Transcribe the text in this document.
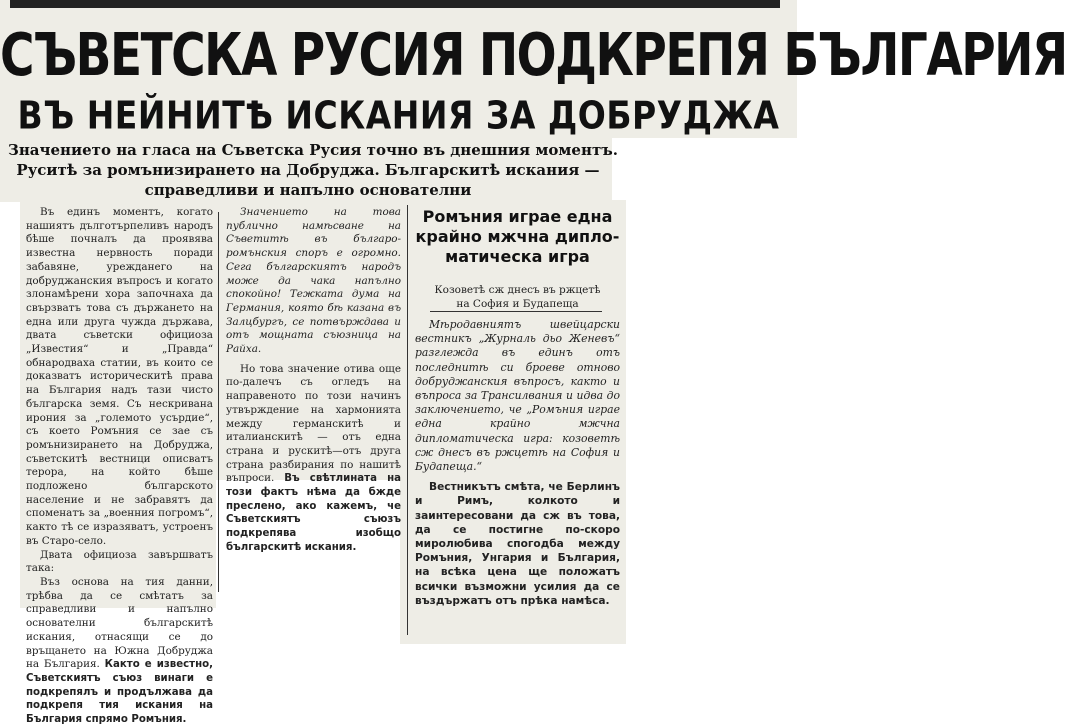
СЪВЕТСКА РУСИЯ ПОДКРЕПЯ БЪЛГАРИЯ
ВЪ НЕЙНИТѢ ИСКАНИЯ ЗА ДОБРУДЖА
Значението на гласа на Съветска Русия точно въ днешния моментъ.
Руситѣ за ромънизирането на Добруджа. Българскитѣ искания —
справедливи и напълно основателни

Въ единъ моментъ, когато нашиятъ дълготърпеливъ народъ бѣше почналъ да проявява известна нервность поради забавяне, урежданего на добруджанския въпросъ и когато злонамѣрени хора започнаха да свързватъ това съ държането на една или друга чужда държава, двата съветски официоза „Известия“ и „Правда“ обнародваха статии, въ които се доказватъ историческитѣ права на България надъ тази чисто българска земя. Съ нескривана ирония за „големото усърдие“, съ което Ромъния се зае съ ромънизирането на Добруджа, съветскитѣ вестници описватъ терора, на който бѣше подложено българското население и не забравятъ да споменатъ за „военния погромъ“, както тѣ се изразяватъ, устроенъ въ Старо-село.

Двата официоза завършватъ така:

Въз основа на тия данни, трѣбва да се смѣтатъ за справедливи и напълно основателни българскитѣ искания, отнасящи се до връщането на Южна Добруджа на България. Както е известно, Съветскиятъ съюз винаги е подкрепялъ и продължава да подкрепя тия искания на България спрямо Ромъния.

Значението на това публично намѣсване на Съветитѣ въ българо-ромънския споръ е огромно. Сега българскиятъ народъ може да чака напълно спокойно! Тежката дума на Германия, която бѣ казана въ Залцбургъ, се потвърждава и отъ мощната съюзница на Райха.

Но това значение отива още по-далечъ съ огледъ на направеното по този начинъ утвърждение на хармонията между германскитѣ и италианскитѣ — отъ една страна и рускитѣ—отъ друга страна разбирания по нашитѣ въпроси. Въ свѣтлината на този фактъ нѣма да бжде преслено, ако кажемъ, че Съветскиятъ съюзъ подкрепява изобщо българскитѣ искания.

Ромъния играе една
крайно мжчна дипло-
матическа игра
Козоветѣ сж днесъ въ ржцетѣ
на София и Будапеща

Мѣродавниятъ швейцарски вестникъ „Журналь дьо Женевъ“ разглежда въ единъ отъ последнитѣ си броеве отново добруджанския въпросъ, както и въпроса за Трансилвания и идва до заключението, че „Ромъния играе една крайно мжчна дипломатическа игра: козоветѣ сж днесъ въ ржцетѣ на София и Будапеща.“

Вестникътъ смѣта, че Берлинъ и Римъ, колкото и заинтересовани да сж въ това, да се постигне по-скоро миролюбива спогодба между Ромъния, Унгария и България, на всѣка цена ще положатъ всички възможни усилия да се въздържатъ отъ прѣка намѣса.
